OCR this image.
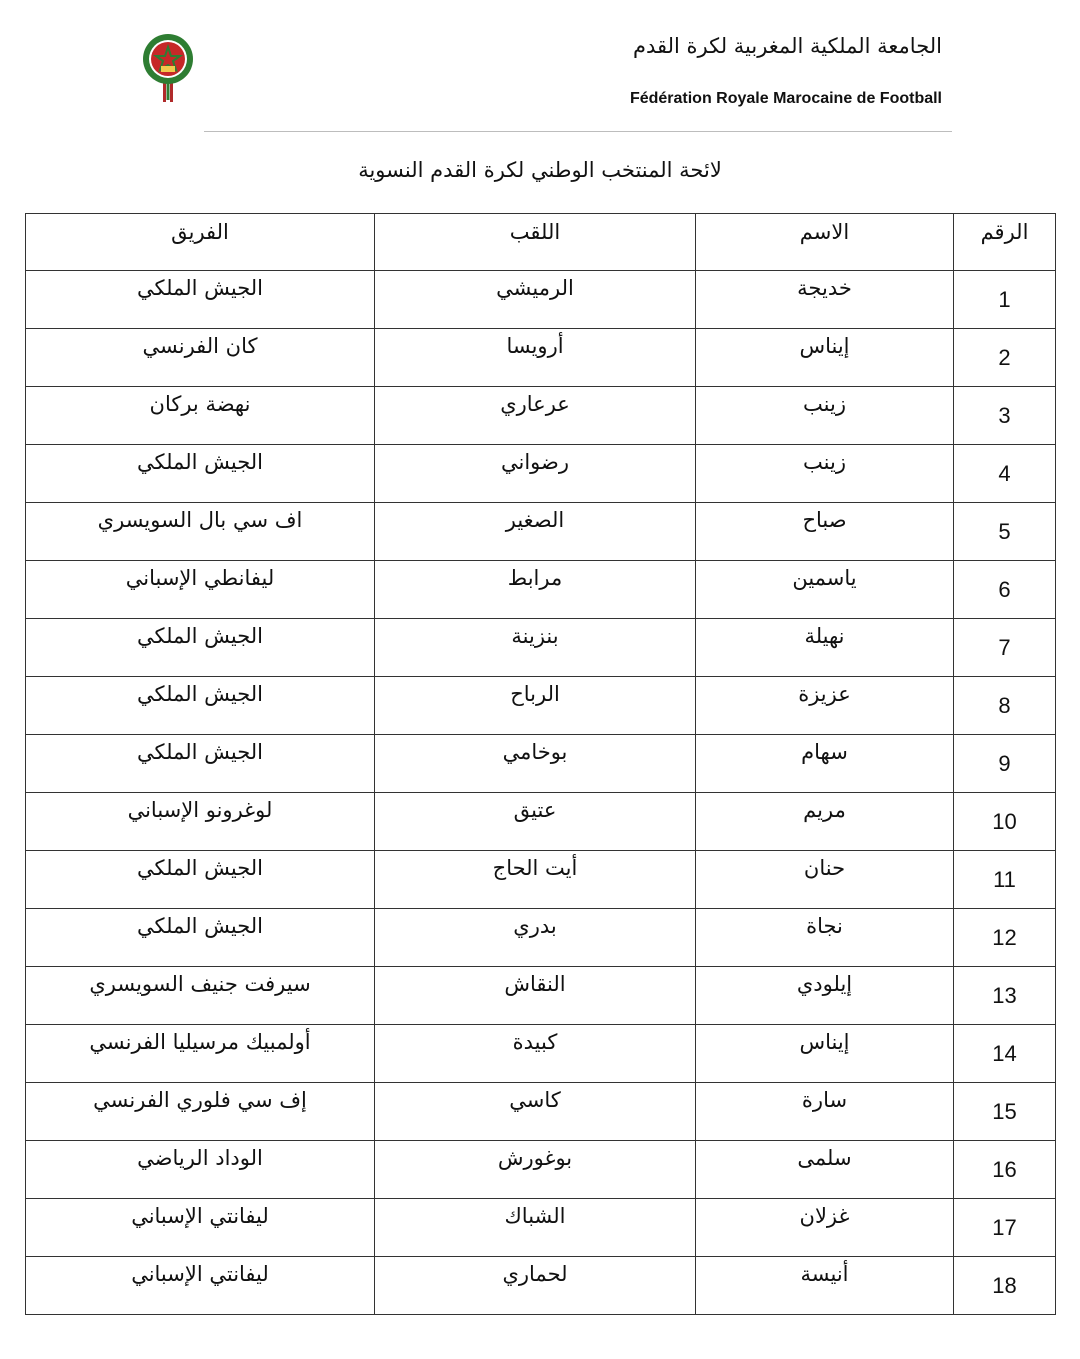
الجامعة الملكية المغربية لكرة القدم
Fédération Royale Marocaine de Football
لائحة المنتخب الوطني لكرة القدم النسوية
الرقم	الاسم	اللقب	الفريق
1	خديجة	الرميشي	الجيش الملكي
2	إيناس	أرويسا	كان الفرنسي
3	زينب	عرعاري	نهضة بركان
4	زينب	رضواني	الجيش الملكي
5	صباح	الصغير	اف سي بال السويسري
6	ياسمين	مرابط	ليفانطي الإسباني
7	نهيلة	بنزينة	الجيش الملكي
8	عزيزة	الرباح	الجيش الملكي
9	سهام	بوخامي	الجيش الملكي
10	مريم	عتيق	لوغرونو الإسباني
11	حنان	أيت الحاج	الجيش الملكي
12	نجاة	بدري	الجيش الملكي
13	إيلودي	النقاش	سيرفت جنيف السويسري
14	إيناس	كبيدة	أولمبيك مرسيليا الفرنسي
15	سارة	كاسي	إف سي فلوري الفرنسي
16	سلمى	بوغورش	الوداد الرياضي
17	غزلان	الشباك	ليفانتي الإسباني
18	أنيسة	لحماري	ليفانتي الإسباني
